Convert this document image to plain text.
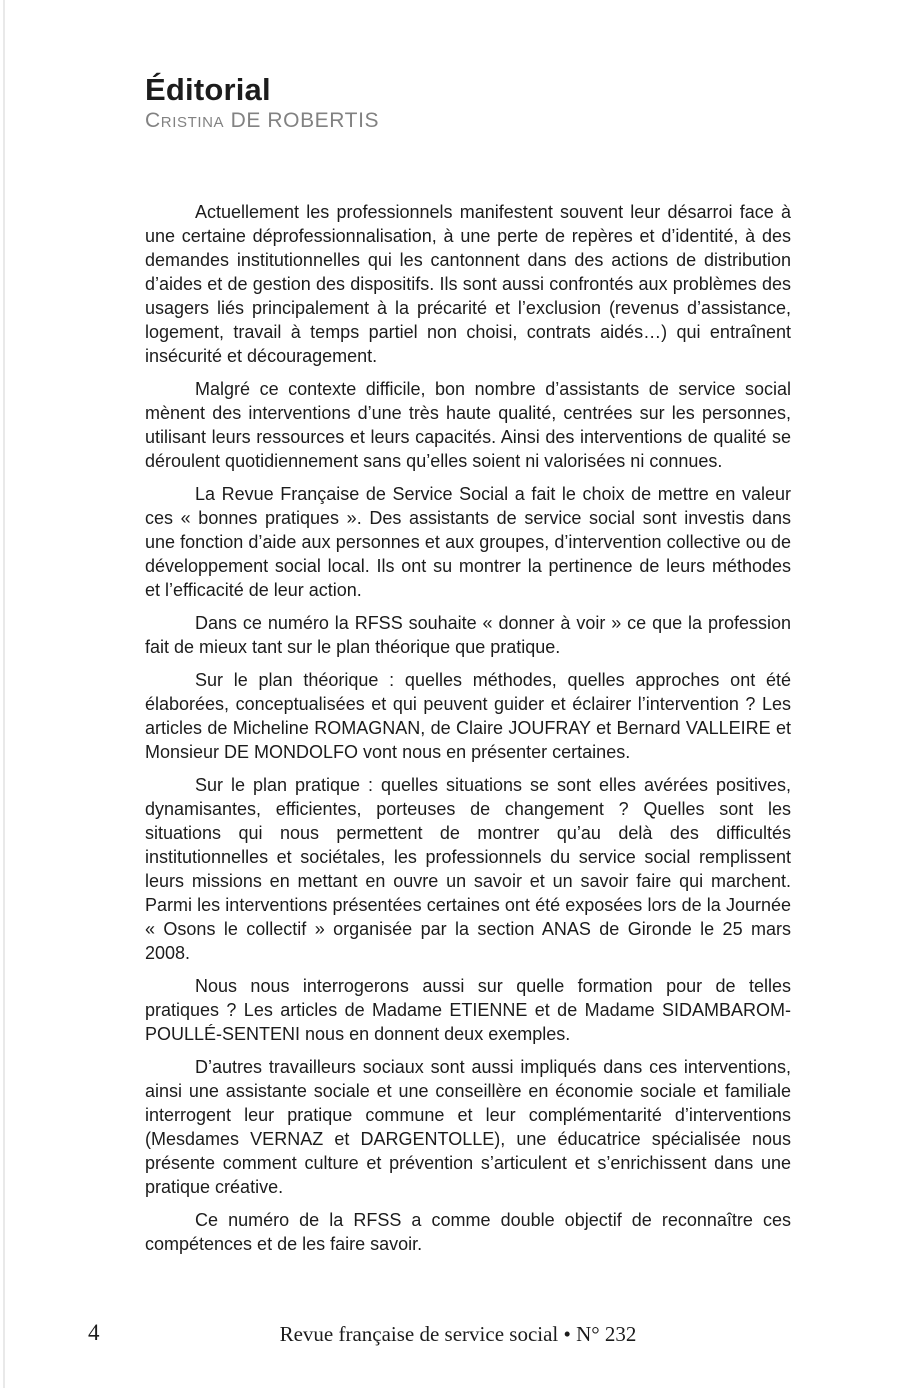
Éditorial
Cristina DE ROBERTIS

Actuellement les professionnels manifestent souvent leur désarroi face à une certaine déprofessionnalisation, à une perte de repères et d’identité, à des demandes institutionnelles qui les cantonnent dans des actions de distribution d’aides et de gestion des dispositifs. Ils sont aussi confrontés aux problèmes des usagers liés principalement à la précarité et l’exclusion (revenus d’assistance, logement, travail à temps partiel non choisi, contrats aidés…) qui entraînent insécurité et découragement.

Malgré ce contexte difficile, bon nombre d’assistants de service social mènent des interventions d’une très haute qualité, centrées sur les personnes, utilisant leurs ressources et leurs capacités. Ainsi des interventions de qualité se déroulent quotidiennement sans qu’elles soient ni valorisées ni connues.

La Revue Française de Service Social a fait le choix de mettre en valeur ces « bonnes pratiques ». Des assistants de service social sont investis dans une fonction d’aide aux personnes et aux groupes, d’intervention collective ou de développement social local. Ils ont su montrer la pertinence de leurs méthodes et l’efficacité de leur action.

Dans ce numéro la RFSS souhaite « donner à voir » ce que la profession fait de mieux tant sur le plan théorique que pratique.

Sur le plan théorique : quelles méthodes, quelles approches ont été élaborées, conceptualisées et qui peuvent guider et éclairer l’intervention ? Les articles de Micheline ROMAGNAN, de Claire JOUFRAY et Bernard VALLEIRE et Monsieur DE MONDOLFO vont nous en présenter certaines.

Sur le plan pratique : quelles situations se sont elles avérées positives, dynamisantes, efficientes, porteuses de changement ? Quelles sont les situations qui nous permettent de montrer qu’au delà des difficultés institutionnelles et sociétales, les professionnels du service social remplissent leurs missions en mettant en ouvre un savoir et un savoir faire qui marchent. Parmi les interventions présentées certaines ont été exposées lors de la Journée « Osons le collectif » organisée par la section ANAS de Gironde le 25 mars 2008.

Nous nous interrogerons aussi sur quelle formation pour de telles pratiques ? Les articles de Madame ETIENNE et de Madame SIDAMBAROM-POULLÉ-SENTENI nous en donnent deux exemples.

D’autres travailleurs sociaux sont aussi impliqués dans ces interventions, ainsi une assistante sociale et une conseillère en économie sociale et familiale interrogent leur pratique commune et leur complémentarité d’interventions (Mesdames VERNAZ et DARGENTOLLE), une éducatrice spécialisée nous présente comment culture et prévention s’articulent et s’enrichissent dans une pratique créative.

Ce numéro de la RFSS a comme double objectif de reconnaître ces compétences et de les faire savoir.

4	Revue française de service social • N° 232
